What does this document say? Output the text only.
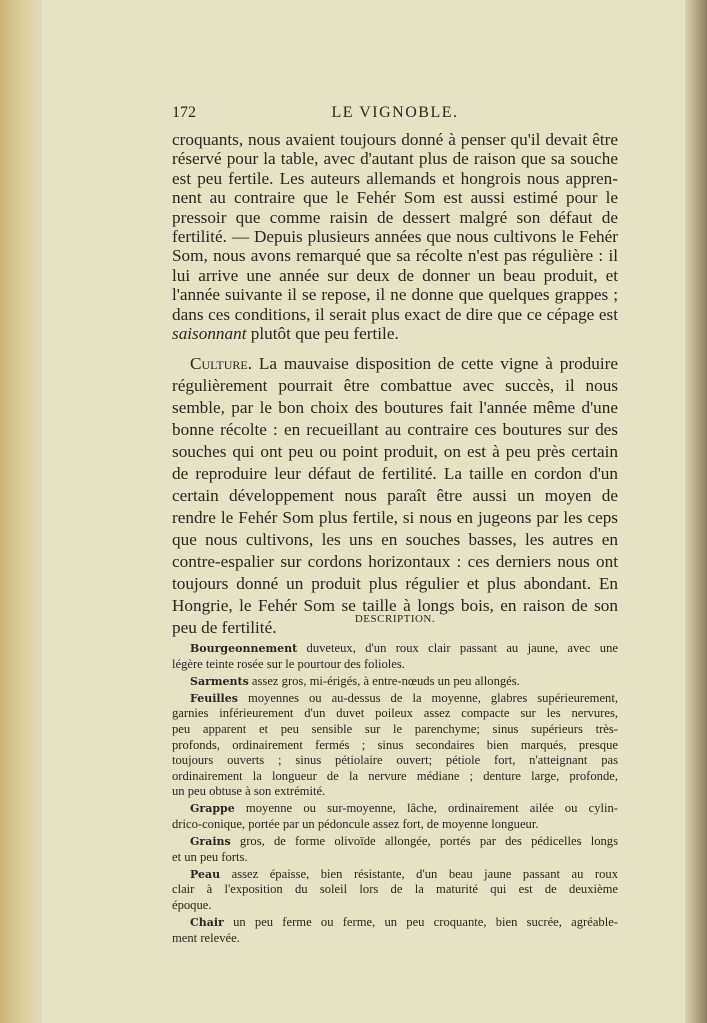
172	LE VIGNOBLE.
croquants, nous avaient toujours donné à penser qu'il devait être
réservé pour la table, avec d'autant plus de raison que sa souche
est peu fertile. Les auteurs allemands et hongrois nous appren-
nent au contraire que le Fehér Som est aussi estimé pour le
pressoir que comme raisin de dessert malgré son défaut de
fertilité. — Depuis plusieurs années que nous cultivons le Fehér
Som, nous avons remarqué que sa récolte n'est pas régulière : il
lui arrive une année sur deux de donner un beau produit, et
l'année suivante il se repose, il ne donne que quelques grappes ;
dans ces conditions, il serait plus exact de dire que ce cépage est
saisonnant plutôt que peu fertile.
Culture. La mauvaise disposition de cette vigne à produire
régulièrement pourrait être combattue avec succès, il nous
semble, par le bon choix des boutures fait l'année même d'une
bonne récolte : en recueillant au contraire ces boutures sur des
souches qui ont peu ou point produit, on est à peu près certain
de reproduire leur défaut de fertilité. La taille en cordon d'un
certain développement nous paraît être aussi un moyen de
rendre le Fehér Som plus fertile, si nous en jugeons par les ceps
que nous cultivons, les uns en souches basses, les autres en
contre-espalier sur cordons horizontaux : ces derniers nous ont
toujours donné un produit plus régulier et plus abondant. En
Hongrie, le Fehér Som se taille à longs bois, en raison de son
peu de fertilité.	DESCRIPTION.
Bourgeonnement duveteux, d'un roux clair passant au jaune, avec une
légère teinte rosée sur le pourtour des folioles.
Sarments assez gros, mi-érigés, à entre-nœuds un peu allongés.
Feuilles moyennes ou au-dessus de la moyenne, glabres supérieurement,
garnies inférieurement d'un duvet poileux assez compacte sur les nervures,
peu apparent et peu sensible sur le parenchyme; sinus supérieurs très-
profonds, ordinairement fermés ; sinus secondaires bien marqués, presque
toujours ouverts ; sinus pétiolaire ouvert; pétiole fort, n'atteignant pas
ordinairement la longueur de la nervure médiane ; denture large, profonde,
un peu obtuse à son extrémité.
Grappe moyenne ou sur-moyenne, lâche, ordinairement ailée ou cylin-
drico-conique, portée par un pédoncule assez fort, de moyenne longueur.
Grains gros, de forme olivoïde allongée, portés par des pédicelles longs
et un peu forts.
Peau assez épaisse, bien résistante, d'un beau jaune passant au roux
clair à l'exposition du soleil lors de la maturité qui est de deuxième
époque.
Chair un peu ferme ou ferme, un peu croquante, bien sucrée, agréable-
ment relevée.
